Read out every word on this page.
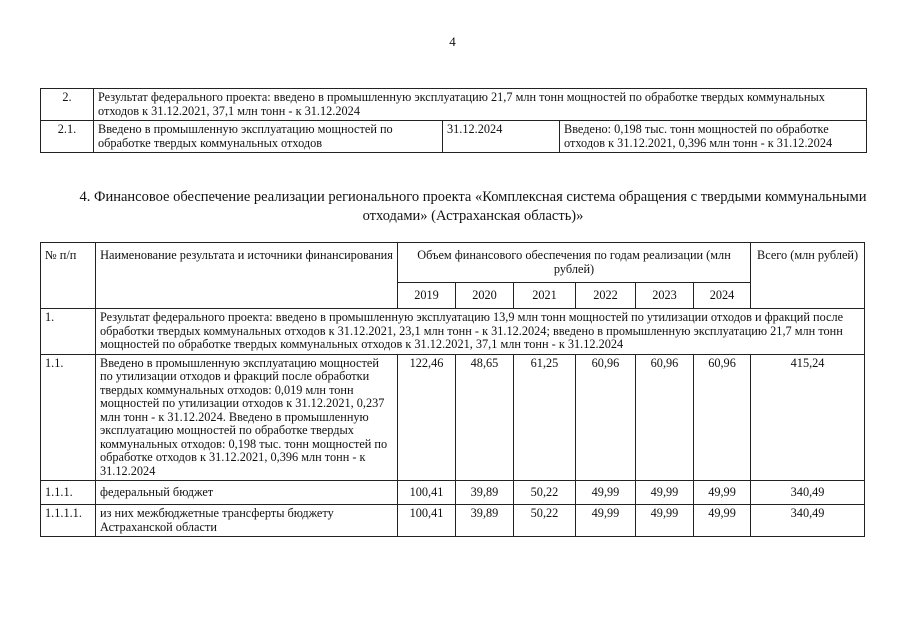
4
2.	Результат федерального проекта: введено в промышленную эксплуатацию 21,7 млн тонн мощностей по обработке твердых коммунальных отходов к 31.12.2021, 37,1 млн тонн - к 31.12.2024		
2.1.	Введено в промышленную эксплуатацию мощностей по обработке твердых коммунальных отходов	31.12.2024	Введено: 0,198 тыс. тонн мощностей по обработке отходов к 31.12.2021, 0,396 млн тонн - к 31.12.2024
4. Финансовое обеспечение реализации регионального проекта «Комплексная система обращения с твердыми коммунальными отходами» (Астраханская область)»
№ п/п	Наименование результата и источники финансирования	Объем финансового обеспечения по годам реализации (млн рублей)						Всего (млн рублей)
		2019	2020	2021	2022	2023	2024	
1.	Результат федерального проекта: введено в промышленную эксплуатацию 13,9 млн тонн мощностей по утилизации отходов и фракций после обработки твердых коммунальных отходов к 31.12.2021, 23,1 млн тонн - к 31.12.2024; введено в промышленную эксплуатацию 21,7 млн тонн мощностей по обработке твердых коммунальных отходов к 31.12.2021, 37,1 млн тонн - к 31.12.2024							
1.1.	Введено в промышленную эксплуатацию мощностей по утилизации отходов и фракций после обработки твердых коммунальных отходов: 0,019 млн тонн мощностей по утилизации отходов к 31.12.2021, 0,237 млн тонн - к 31.12.2024. Введено в промышленную эксплуатацию мощностей по обработке твердых коммунальных отходов: 0,198 тыс. тонн мощностей по обработке отходов к 31.12.2021, 0,396 млн тонн - к 31.12.2024	122,46	48,65	61,25	60,96	60,96	60,96	415,24
1.1.1.	федеральный бюджет	100,41	39,89	50,22	49,99	49,99	49,99	340,49
1.1.1.1.	из них межбюджетные трансферты бюджету Астраханской области	100,41	39,89	50,22	49,99	49,99	49,99	340,49
